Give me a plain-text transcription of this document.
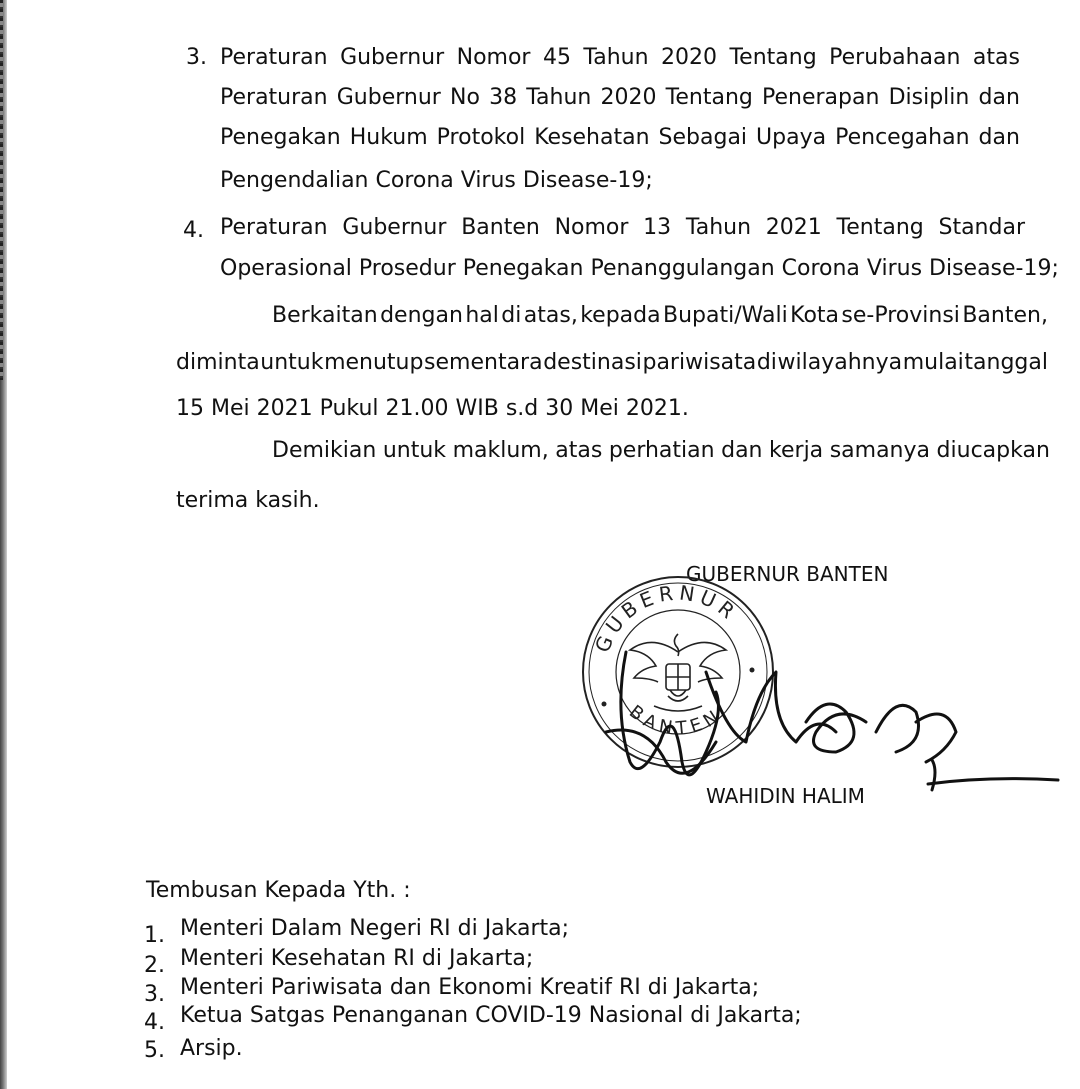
3. Peraturan Gubernur Nomor 45 Tahun 2020 Tentang Perubahaan atas
Peraturan Gubernur No 38 Tahun 2020 Tentang Penerapan Disiplin dan
Penegakan Hukum Protokol Kesehatan Sebagai Upaya Pencegahan dan
Pengendalian Corona Virus Disease-19;
4. Peraturan Gubernur Banten Nomor 13 Tahun 2021 Tentang Standar
Operasional Prosedur Penegakan Penanggulangan Corona Virus Disease-19;
Berkaitan dengan hal di atas, kepada Bupati/Wali Kota se-Provinsi Banten,
diminta untuk menutup sementara destinasi pariwisata di wilayahnya mulai tanggal
15 Mei 2021 Pukul 21.00 WIB s.d 30 Mei 2021.
Demikian untuk maklum, atas perhatian dan kerja samanya diucapkan
terima kasih.
GUBERNUR BANTEN
GUBERNUR
BANTEN
WAHIDIN HALIM
Tembusan Kepada Yth. :
1. Menteri Dalam Negeri RI di Jakarta;
2. Menteri Kesehatan RI di Jakarta;
3. Menteri Pariwisata dan Ekonomi Kreatif RI di Jakarta;
4. Ketua Satgas Penanganan COVID-19 Nasional di Jakarta;
5. Arsip.
